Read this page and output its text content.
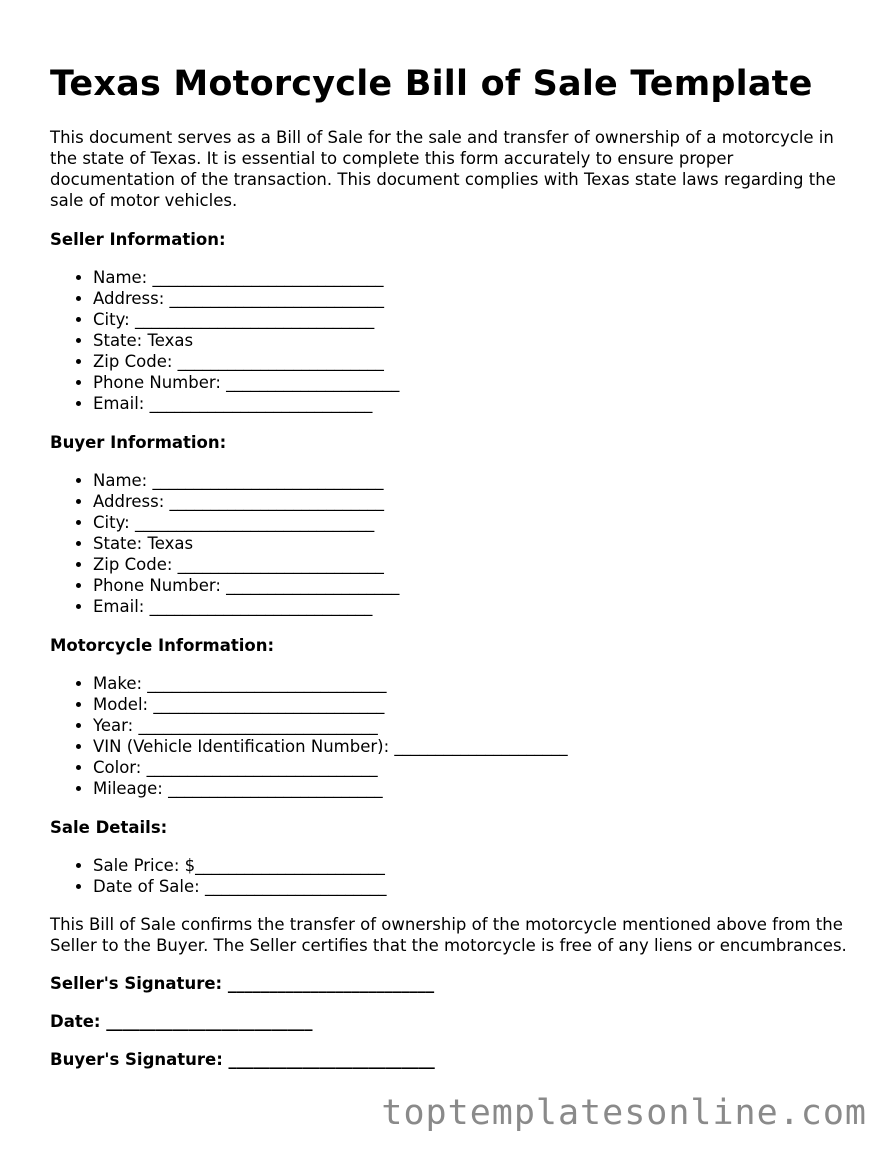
Texas Motorcycle Bill of Sale Template

This document serves as a Bill of Sale for the sale and transfer of ownership of a motorcycle in the state of Texas. It is essential to complete this form accurately to ensure proper documentation of the transaction. This document complies with Texas state laws regarding the sale of motor vehicles.

Seller Information:
• Name: ____________________________
• Address: __________________________
• City: _____________________________
• State: Texas
• Zip Code: _________________________
• Phone Number: _____________________
• Email: ___________________________
Buyer Information:
• Name: ____________________________
• Address: __________________________
• City: _____________________________
• State: Texas
• Zip Code: _________________________
• Phone Number: _____________________
• Email: ___________________________
Motorcycle Information:
• Make: _____________________________
• Model: ____________________________
• Year: _____________________________
• VIN (Vehicle Identification Number): _____________________
• Color: ____________________________
• Mileage: __________________________
Sale Details:
• Sale Price: $_______________________
• Date of Sale: ______________________

This Bill of Sale confirms the transfer of ownership of the motorcycle mentioned above from the Seller to the Buyer. The Seller certifies that the motorcycle is free of any liens or encumbrances.

Seller's Signature: _________________________
Date: _________________________
Buyer's Signature: _________________________
toptemplatesonline.com
